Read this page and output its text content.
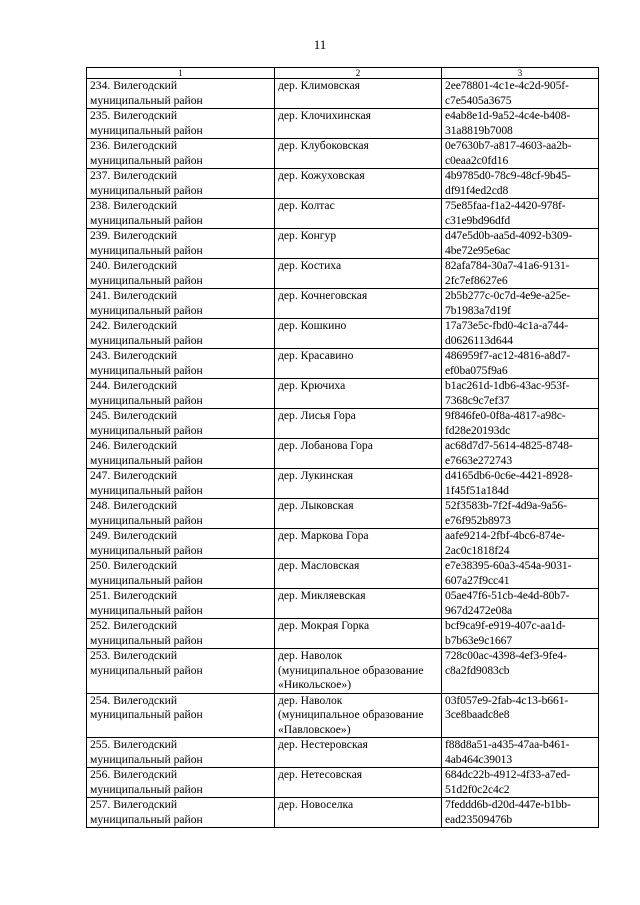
11
1	2	3
234. Вилегодский
муниципальный район	дер. Климовская	2ee78801-4c1e-4c2d-905f-
c7e5405a3675
235. Вилегодский
муниципальный район	дер. Клочихинская	e4ab8e1d-9a52-4c4e-b408-
31a8819b7008
236. Вилегодский
муниципальный район	дер. Клубоковская	0e7630b7-a817-4603-aa2b-
c0eaa2c0fd16
237. Вилегодский
муниципальный район	дер. Кожуховская	4b9785d0-78c9-48cf-9b45-
df91f4ed2cd8
238. Вилегодский
муниципальный район	дер. Колтас	75e85faa-f1a2-4420-978f-
c31e9bd96dfd
239. Вилегодский
муниципальный район	дер. Конгур	d47e5d0b-aa5d-4092-b309-
4be72e95e6ac
240. Вилегодский
муниципальный район	дер. Костиха	82afa784-30a7-41a6-9131-
2fc7ef8627e6
241. Вилегодский
муниципальный район	дер. Кочнеговская	2b5b277c-0c7d-4e9e-a25e-
7b1983a7d19f
242. Вилегодский
муниципальный район	дер. Кошкино	17a73e5c-fbd0-4c1a-a744-
d0626113d644
243. Вилегодский
муниципальный район	дер. Красавино	486959f7-ac12-4816-a8d7-
ef0ba075f9a6
244. Вилегодский
муниципальный район	дер. Крючиха	b1ac261d-1db6-43ac-953f-
7368c9c7ef37
245. Вилегодский
муниципальный район	дер. Лисья Гора	9f846fe0-0f8a-4817-a98c-
fd28e20193dc
246. Вилегодский
муниципальный район	дер. Лобанова Гора	ac68d7d7-5614-4825-8748-
e7663e272743
247. Вилегодский
муниципальный район	дер. Лукинская	d4165db6-0c6e-4421-8928-
1f45f51a184d
248. Вилегодский
муниципальный район	дер. Лыковская	52f3583b-7f2f-4d9a-9a56-
e76f952b8973
249. Вилегодский
муниципальный район	дер. Маркова Гора	aafe9214-2fbf-4bc6-874e-
2ac0c1818f24
250. Вилегодский
муниципальный район	дер. Масловская	e7e38395-60a3-454a-9031-
607a27f9cc41
251. Вилегодский
муниципальный район	дер. Микляевская	05ae47f6-51cb-4e4d-80b7-
967d2472e08a
252. Вилегодский
муниципальный район	дер. Мокрая Горка	bcf9ca9f-e919-407c-aa1d-
b7b63e9c1667
253. Вилегодский
муниципальный район	дер. Наволок
(муниципальное образование
«Никольское»)	728c00ac-4398-4ef3-9fe4-
c8a2fd9083cb
254. Вилегодский
муниципальный район	дер. Наволок
(муниципальное образование
«Павловское»)	03f057e9-2fab-4c13-b661-
3ce8baadc8e8
255. Вилегодский
муниципальный район	дер. Нестеровская	f88d8a51-a435-47aa-b461-
4ab464c39013
256. Вилегодский
муниципальный район	дер. Нетесовская	684dc22b-4912-4f33-a7ed-
51d2f0c2c4c2
257. Вилегодский
муниципальный район	дер. Новоселка	7feddd6b-d20d-447e-b1bb-
ead23509476b
